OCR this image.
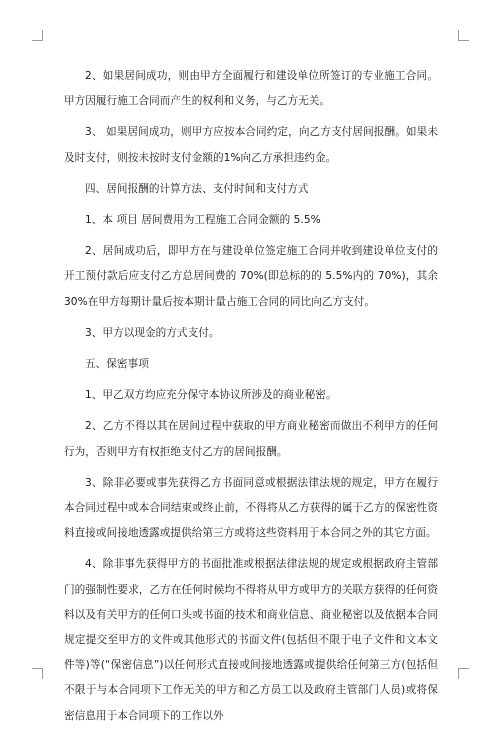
2、如果居间成功，则由甲方全面履行和建设单位所签订的专业施工合同。甲方因履行施工合同而产生的权利和义务，与乙方无关。

3、 如果居间成功，则甲方应按本合同约定，向乙方支付居间报酬。如果未及时支付，则按未按时支付金额的1%向乙方承担违约金。

四、居间报酬的计算方法、支付时间和支付方式

1、本 项目 居间费用为工程施工合同金额的 5.5%

2、居间成功后，即甲方在与建设单位签定施工合同并收到建设单位支付的开工预付款后应支付乙方总居间费的 70%(即总标的的 5.5%内的 70%)，其余 30%在甲方每期计量后按本期计量占施工合同的同比向乙方支付。

3、甲方以现金的方式支付。

五、保密事项

1、甲乙双方均应充分保守本协议所涉及的商业秘密。

2、乙方不得以其在居间过程中获取的甲方商业秘密而做出不利甲方的任何行为，否则甲方有权拒绝支付乙方的居间报酬。

3、除非必要或事先获得乙方书面同意或根据法律法规的规定，甲方在履行本合同过程中或本合同结束或终止前，不得将从乙方获得的属于乙方的保密性资料直接或间接地透露或提供给第三方或将这些资料用于本合同之外的其它方面。

4、除非事先获得甲方的书面批准或根据法律法规的规定或根据政府主管部门的强制性要求，乙方在任何时候均不得将从甲方或甲方的关联方获得的任何资料以及有关甲方的任何口头或书面的技术和商业信息、商业秘密以及依据本合同规定提交至甲方的文件或其他形式的书面文件(包括但不限于电子文件和文本文件等)等(“保密信息”)以任何形式直接或间接地透露或提供给任何第三方(包括但不限于与本合同项下工作无关的甲方和乙方员工以及政府主管部门人员)或将保密信息用于本合同项下的工作以外
